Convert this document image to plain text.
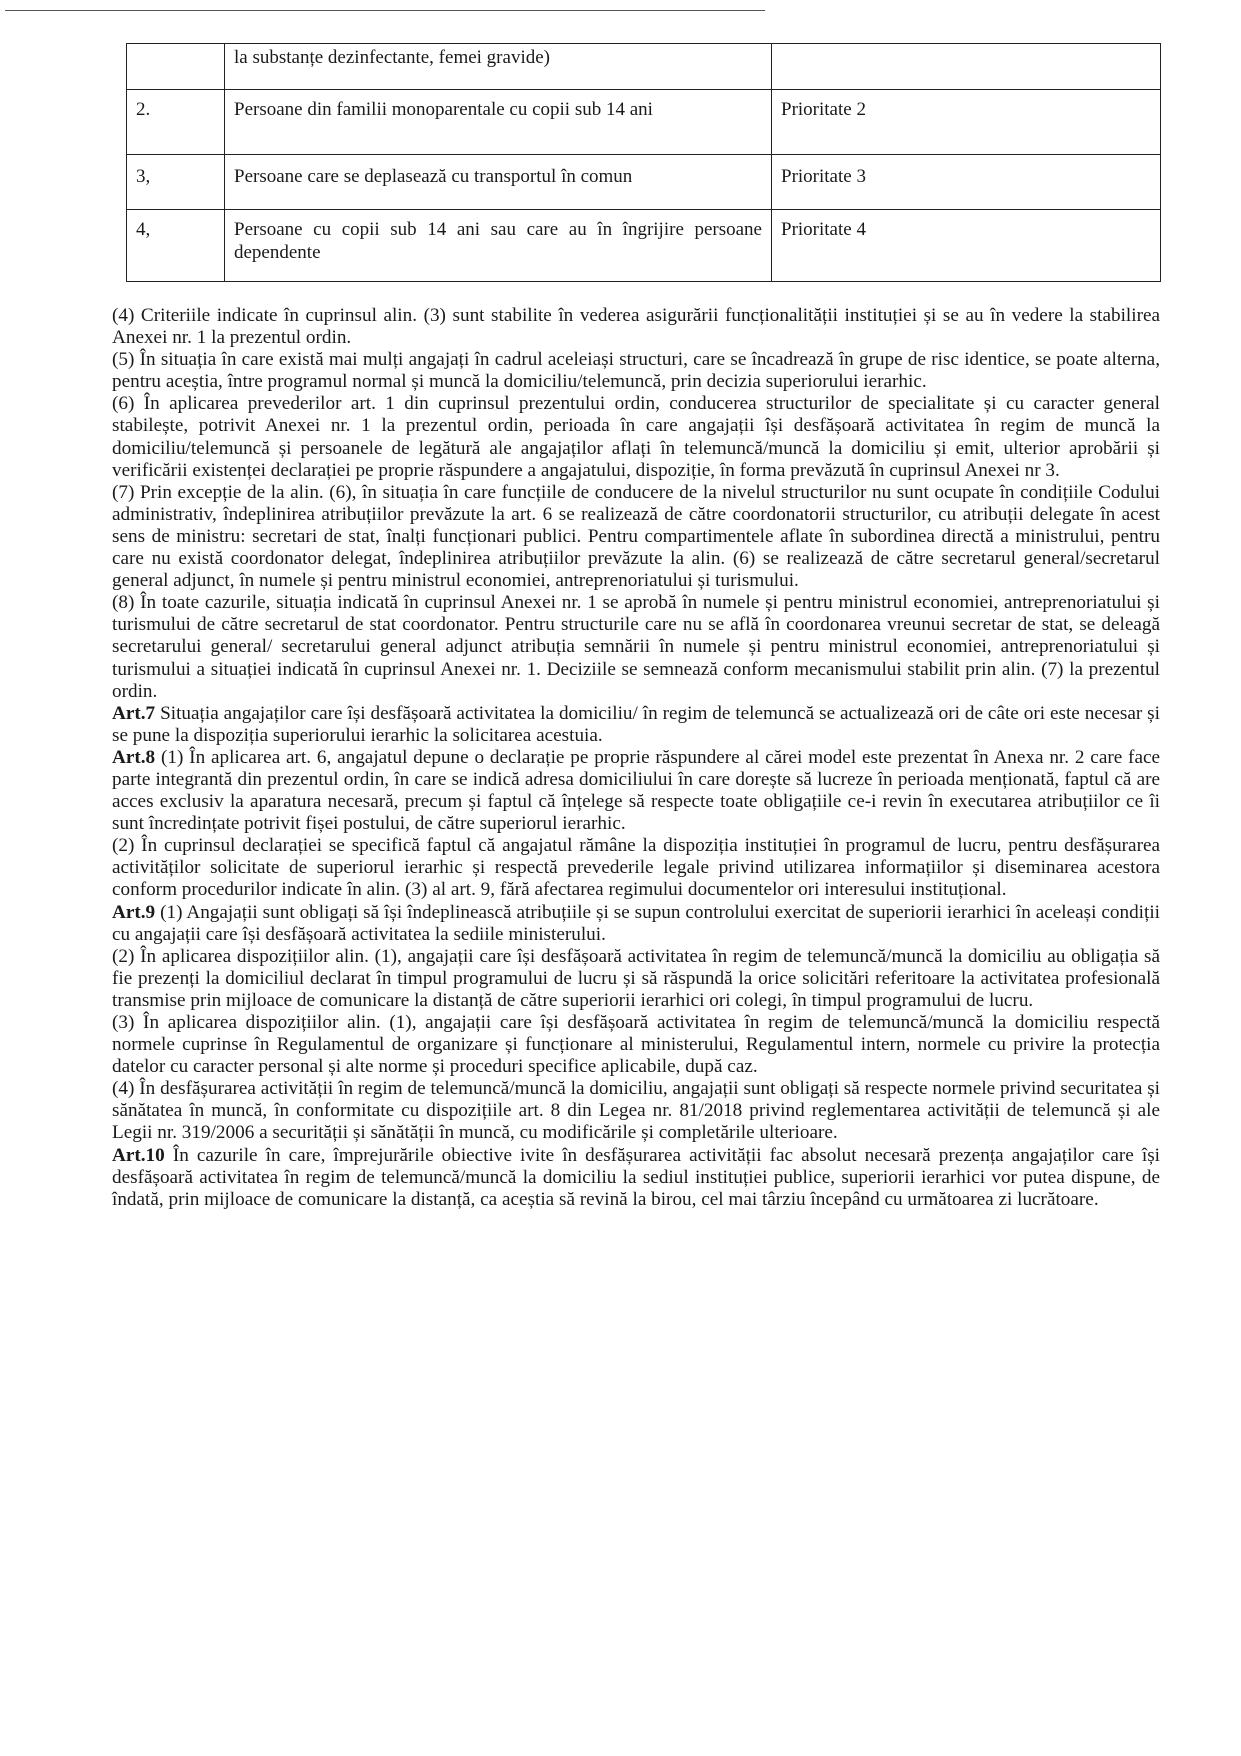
	la substanțe dezinfectante, femei gravide)	
2.	Persoane din familii monoparentale cu copii sub 14 ani	Prioritate 2
3,	Persoane care se deplasează cu transportul în comun	Prioritate 3
4,	Persoane cu copii sub 14 ani sau care au în îngrijire persoane dependente	Prioritate 4

(4) Criteriile indicate în cuprinsul alin. (3) sunt stabilite în vederea asigurării funcționalității instituției și se au în vedere la stabilirea Anexei nr. 1 la prezentul ordin.

(5) În situația în care există mai mulți angajați în cadrul aceleiași structuri, care se încadrează în grupe de risc identice, se poate alterna, pentru aceștia, între programul normal și muncă la domiciliu/telemuncă, prin decizia superiorului ierarhic.

(6) În aplicarea prevederilor art. 1 din cuprinsul prezentului ordin, conducerea structurilor de specialitate și cu caracter general stabilește, potrivit Anexei nr. 1 la prezentul ordin, perioada în care angajații își desfășoară activitatea în regim de muncă la domiciliu/telemuncă și persoanele de legătură ale angajaților aflați în telemuncă/muncă la domiciliu și emit, ulterior aprobării și verificării existenței declarației pe proprie răspundere a angajatului, dispoziție, în forma prevăzută în cuprinsul Anexei nr 3.

(7) Prin excepție de la alin. (6), în situația în care funcțiile de conducere de la nivelul structurilor nu sunt ocupate în condițiile Codului administrativ, îndeplinirea atribuțiilor prevăzute la art. 6 se realizează de către coordonatorii structurilor, cu atribuții delegate în acest sens de ministru: secretari de stat, înalți funcționari publici. Pentru compartimentele aflate în subordinea directă a ministrului, pentru care nu există coordonator delegat, îndeplinirea atribuțiilor prevăzute la alin. (6) se realizează de către secretarul general/secretarul general adjunct, în numele și pentru ministrul economiei, antreprenoriatului și turismului.

(8) În toate cazurile, situația indicată în cuprinsul Anexei nr. 1 se aprobă în numele și pentru ministrul economiei, antreprenoriatului și turismului de către secretarul de stat coordonator. Pentru structurile care nu se află în coordonarea vreunui secretar de stat, se deleagă secretarului general/ secretarului general adjunct atribuția semnării în numele și pentru ministrul economiei, antreprenoriatului și turismului a situației indicată în cuprinsul Anexei nr. 1. Deciziile se semnează conform mecanismului stabilit prin alin. (7) la prezentul ordin.

Art.7 Situația angajaților care își desfășoară activitatea la domiciliu/ în regim de telemuncă se actualizează ori de câte ori este necesar și se pune la dispoziția superiorului ierarhic la solicitarea acestuia.

Art.8 (1) În aplicarea art. 6, angajatul depune o declarație pe proprie răspundere al cărei model este prezentat în Anexa nr. 2 care face parte integrantă din prezentul ordin, în care se indică adresa domiciliului în care dorește să lucreze în perioada menționată, faptul că are acces exclusiv la aparatura necesară, precum și faptul că înțelege să respecte toate obligațiile ce-i revin în executarea atribuțiilor ce îi sunt încredințate potrivit fișei postului, de către superiorul ierarhic.

(2) În cuprinsul declarației se specifică faptul că angajatul rămâne la dispoziția instituției în programul de lucru, pentru desfășurarea activităților solicitate de superiorul ierarhic și respectă prevederile legale privind utilizarea informațiilor și diseminarea acestora conform procedurilor indicate în alin. (3) al art. 9, fără afectarea regimului documentelor ori interesului instituțional.

Art.9 (1) Angajații sunt obligați să își îndeplinească atribuțiile și se supun controlului exercitat de superiorii ierarhici în aceleași condiții cu angajații care își desfășoară activitatea la sediile ministerului.

(2) În aplicarea dispozițiilor alin. (1), angajații care își desfășoară activitatea în regim de telemuncă/muncă la domiciliu au obligația să fie prezenți la domiciliul declarat în timpul programului de lucru și să răspundă la orice solicitări referitoare la activitatea profesională transmise prin mijloace de comunicare la distanță de către superiorii ierarhici ori colegi, în timpul programului de lucru.

(3) În aplicarea dispozițiilor alin. (1), angajații care își desfășoară activitatea în regim de telemuncă/muncă la domiciliu respectă normele cuprinse în Regulamentul de organizare și funcționare al ministerului, Regulamentul intern, normele cu privire la protecția datelor cu caracter personal și alte norme și proceduri specifice aplicabile, după caz.

(4) În desfășurarea activității în regim de telemuncă/muncă la domiciliu, angajații sunt obligați să respecte normele privind securitatea și sănătatea în muncă, în conformitate cu dispozițiile art. 8 din Legea nr. 81/2018 privind reglementarea activității de telemuncă și ale Legii nr. 319/2006 a securității și sănătății în muncă, cu modificările și completările ulterioare.

Art.10 În cazurile în care, împrejurările obiective ivite în desfășurarea activității fac absolut necesară prezența angajaților care își desfășoară activitatea în regim de telemuncă/muncă la domiciliu la sediul instituției publice, superiorii ierarhici vor putea dispune, de îndată, prin mijloace de comunicare la distanță, ca aceștia să revină la birou, cel mai târziu începând cu următoarea zi lucrătoare.
